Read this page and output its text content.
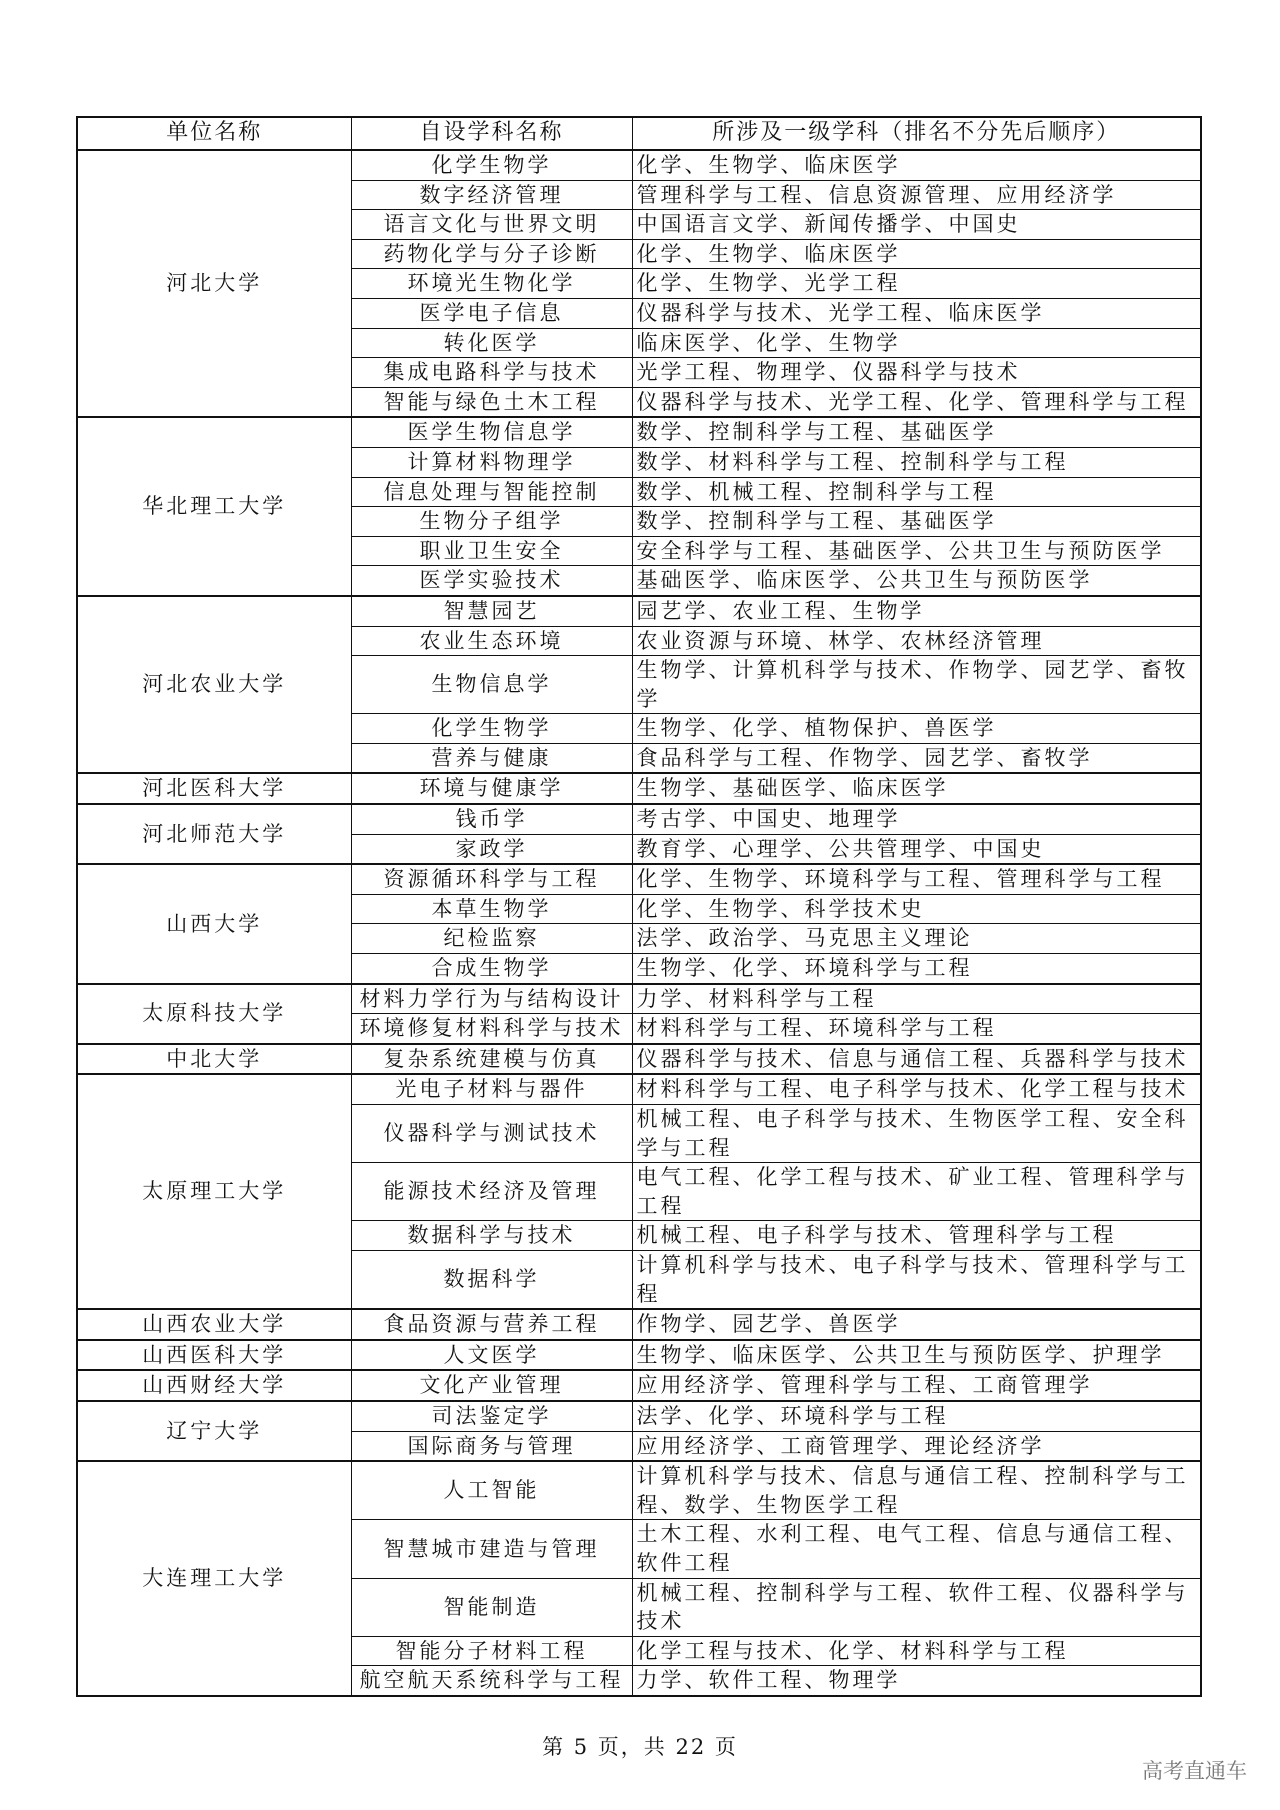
单位名称	自设学科名称	所涉及一级学科（排名不分先后顺序）
河北大学	化学生物学	化学、生物学、临床医学
	数字经济管理	管理科学与工程、信息资源管理、应用经济学
	语言文化与世界文明	中国语言文学、新闻传播学、中国史
	药物化学与分子诊断	化学、生物学、临床医学
	环境光生物化学	化学、生物学、光学工程
	医学电子信息	仪器科学与技术、光学工程、临床医学
	转化医学	临床医学、化学、生物学
	集成电路科学与技术	光学工程、物理学、仪器科学与技术
	智能与绿色土木工程	仪器科学与技术、光学工程、化学、管理科学与工程
华北理工大学	医学生物信息学	数学、控制科学与工程、基础医学
	计算材料物理学	数学、材料科学与工程、控制科学与工程
	信息处理与智能控制	数学、机械工程、控制科学与工程
	生物分子组学	数学、控制科学与工程、基础医学
	职业卫生安全	安全科学与工程、基础医学、公共卫生与预防医学
	医学实验技术	基础医学、临床医学、公共卫生与预防医学
河北农业大学	智慧园艺	园艺学、农业工程、生物学
	农业生态环境	农业资源与环境、林学、农林经济管理
	生物信息学	生物学、计算机科学与技术、作物学、园艺学、畜牧学
	化学生物学	生物学、化学、植物保护、兽医学
	营养与健康	食品科学与工程、作物学、园艺学、畜牧学
河北医科大学	环境与健康学	生物学、基础医学、临床医学
河北师范大学	钱币学	考古学、中国史、地理学
	家政学	教育学、心理学、公共管理学、中国史
山西大学	资源循环科学与工程	化学、生物学、环境科学与工程、管理科学与工程
	本草生物学	化学、生物学、科学技术史
	纪检监察	法学、政治学、马克思主义理论
	合成生物学	生物学、化学、环境科学与工程
太原科技大学	材料力学行为与结构设计	力学、材料科学与工程
	环境修复材料科学与技术	材料科学与工程、环境科学与工程
中北大学	复杂系统建模与仿真	仪器科学与技术、信息与通信工程、兵器科学与技术
太原理工大学	光电子材料与器件	材料科学与工程、电子科学与技术、化学工程与技术
	仪器科学与测试技术	机械工程、电子科学与技术、生物医学工程、安全科学与工程
	能源技术经济及管理	电气工程、化学工程与技术、矿业工程、管理科学与工程
	数据科学与技术	机械工程、电子科学与技术、管理科学与工程
	数据科学	计算机科学与技术、电子科学与技术、管理科学与工程
山西农业大学	食品资源与营养工程	作物学、园艺学、兽医学
山西医科大学	人文医学	生物学、临床医学、公共卫生与预防医学、护理学
山西财经大学	文化产业管理	应用经济学、管理科学与工程、工商管理学
辽宁大学	司法鉴定学	法学、化学、环境科学与工程
	国际商务与管理	应用经济学、工商管理学、理论经济学
大连理工大学	人工智能	计算机科学与技术、信息与通信工程、控制科学与工程、数学、生物医学工程
	智慧城市建造与管理	土木工程、水利工程、电气工程、信息与通信工程、软件工程
	智能制造	机械工程、控制科学与工程、软件工程、仪器科学与技术
	智能分子材料工程	化学工程与技术、化学、材料科学与工程
	航空航天系统科学与工程	力学、软件工程、物理学
第 5 页，共 22 页
高考直通车
